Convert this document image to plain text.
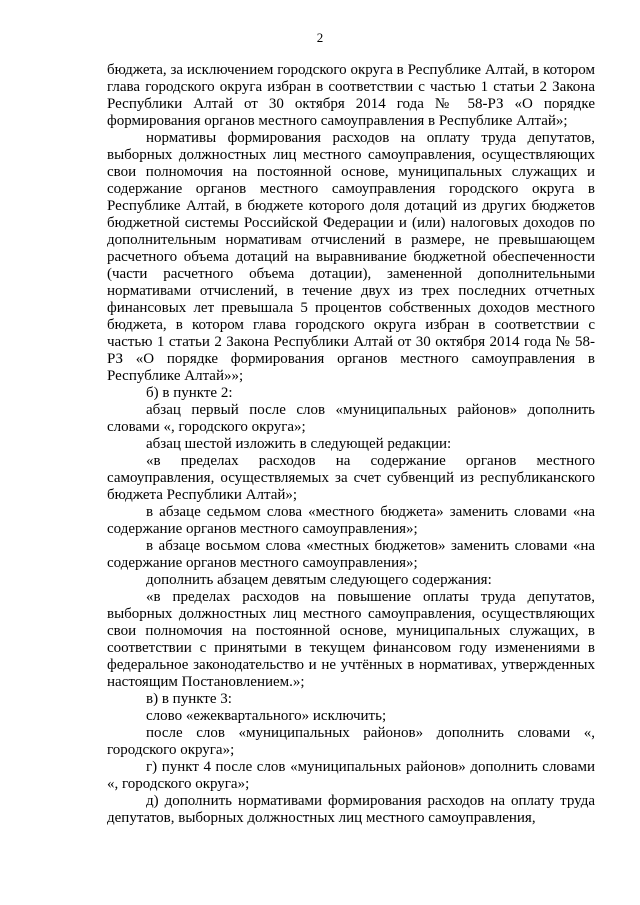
2

бюджета, за исключением городского округа в Республике Алтай, в котором глава городского округа избран в соответствии с частью 1 статьи 2 Закона Республики Алтай от 30 октября 2014 года № 58-РЗ «О порядке формирования органов местного самоуправления в Республике Алтай»;

нормативы формирования расходов на оплату труда депутатов, выборных должностных лиц местного самоуправления, осуществляющих свои полномочия на постоянной основе, муниципальных служащих и содержание органов местного самоуправления городского округа в Республике Алтай, в бюджете которого доля дотаций из других бюджетов бюджетной системы Российской Федерации и (или) налоговых доходов по дополнительным нормативам отчислений в размере, не превышающем расчетного объема дотаций на выравнивание бюджетной обеспеченности (части расчетного объема дотации), замененной дополнительными нормативами отчислений, в течение двух из трех последних отчетных финансовых лет превышала 5 процентов собственных доходов местного бюджета, в котором глава городского округа избран в соответствии с частью 1 статьи 2 Закона Республики Алтай от 30 октября 2014 года № 58-РЗ «О порядке формирования органов местного самоуправления в Республике Алтай»»;

б) в пункте 2:

абзац первый после слов «муниципальных районов» дополнить словами «, городского округа»;

абзац шестой изложить в следующей редакции:

«в пределах расходов на содержание органов местного самоуправления, осуществляемых за счет субвенций из республиканского бюджета Республики Алтай»;

в абзаце седьмом слова «местного бюджета» заменить словами «на содержание органов местного самоуправления»;

в абзаце восьмом слова «местных бюджетов» заменить словами «на содержание органов местного самоуправления»;

дополнить абзацем девятым следующего содержания:

«в пределах расходов на повышение оплаты труда депутатов, выборных должностных лиц местного самоуправления, осуществляющих свои полномочия на постоянной основе, муниципальных служащих, в соответствии с принятыми в текущем финансовом году изменениями в федеральное законодательство и не учтённых в нормативах, утвержденных настоящим Постановлением.»;

в) в пункте 3:

слово «ежеквартального» исключить;

после слов «муниципальных районов» дополнить словами «, городского округа»;

г) пункт 4 после слов «муниципальных районов» дополнить словами «, городского округа»;

д) дополнить нормативами формирования расходов на оплату труда депутатов, выборных должностных лиц местного самоуправления,
